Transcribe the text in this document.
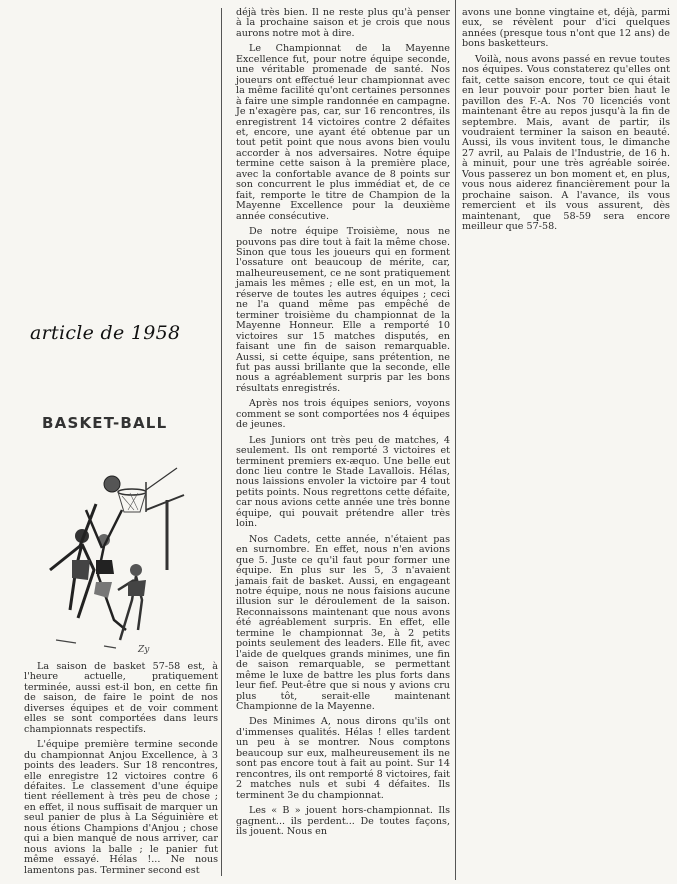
article de 1958
BASKET-BALL
Zy

La saison de basket 57-58 est, à l'heure actuelle, pratiquement terminée, aussi est-il bon, en cette fin de saison, de faire le point de nos diverses équipes et de voir comment elles se sont comportées dans leurs championnats respectifs.

L'équipe première termine seconde du championnat Anjou Excellence, à 3 points des leaders. Sur 18 rencontres, elle enregistre 12 victoires contre 6 défaites. Le classement d'une équipe tient réellement à très peu de chose ; en effet, il nous suffisait de marquer un seul panier de plus à La Séguinière et nous étions Champions d'Anjou ; chose qui a bien manqué de nous arriver, car nous avions la balle ; le panier fut même essayé. Hélas !... Ne nous lamentons pas. Terminer second est

déjà très bien. Il ne reste plus qu'à penser à la prochaine saison et je crois que nous aurons notre mot à dire.

Le Championnat de la Mayenne Excellence fut, pour notre équipe seconde, une véritable promenade de santé. Nos joueurs ont effectué leur championnat avec la même facilité qu'ont certaines personnes à faire une simple randonnée en campagne. Je n'exagère pas, car, sur 16 rencontres, ils enregistrent 14 victoires contre 2 défaites et, encore, une ayant été obtenue par un tout petit point que nous avons bien voulu accorder à nos adversaires. Notre équipe termine cette saison à la première place, avec la confortable avance de 8 points sur son concurrent le plus immédiat et, de ce fait, remporte le titre de Champion de la Mayenne Excellence pour la deuxième année consécutive.

De notre équipe Troisième, nous ne pouvons pas dire tout à fait la même chose. Sinon que tous les joueurs qui en forment l'ossature ont beaucoup de mérite, car, malheureusement, ce ne sont pratiquement jamais les mêmes ; elle est, en un mot, la réserve de toutes les autres équipes ; ceci ne l'a quand même pas empêché de terminer troisième du championnat de la Mayenne Honneur. Elle a remporté 10 victoires sur 15 matches disputés, en faisant une fin de saison remarquable. Aussi, si cette équipe, sans prétention, ne fut pas aussi brillante que la seconde, elle nous a agréablement surpris par les bons résultats enregistrés.

Après nos trois équipes seniors, voyons comment se sont comportées nos 4 équipes de jeunes.

Les Juniors ont très peu de matches, 4 seulement. Ils ont remporté 3 victoires et terminent premiers ex-æquo. Une belle eut donc lieu contre le Stade Lavallois. Hélas, nous laissions envoler la victoire par 4 tout petits points. Nous regrettons cette défaite, car nous avions cette année une très bonne équipe, qui pouvait prétendre aller très loin.

Nos Cadets, cette année, n'étaient pas en surnombre. En effet, nous n'en avions que 5. Juste ce qu'il faut pour former une équipe. En plus sur les 5, 3 n'avaient jamais fait de basket. Aussi, en engageant notre équipe, nous ne nous faisions aucune illusion sur le déroulement de la saison. Reconnaissons maintenant que nous avons été agréablement surpris. En effet, elle termine le championnat 3e, à 2 petits points seulement des leaders. Elle fit, avec l'aide de quelques grands minimes, une fin de saison remarquable, se permettant même le luxe de battre les plus forts dans leur fief. Peut-être que si nous y avions cru plus tôt, serait-elle maintenant Championne de la Mayenne.

Des Minimes A, nous dirons qu'ils ont d'immenses qualités. Hélas ! elles tardent un peu à se montrer. Nous comptons beaucoup sur eux, malheureusement ils ne sont pas encore tout à fait au point. Sur 14 rencontres, ils ont remporté 8 victoires, fait 2 matches nuls et subi 4 défaites. Ils terminent 3e du championnat.

Les « B » jouent hors-championnat. Ils gagnent... ils perdent... De toutes façons, ils jouent. Nous en

avons une bonne vingtaine et, déjà, parmi eux, se révèlent pour d'ici quelques années (presque tous n'ont que 12 ans) de bons basketteurs.

Voilà, nous avons passé en revue toutes nos équipes. Vous constaterez qu'elles ont fait, cette saison encore, tout ce qui était en leur pouvoir pour porter bien haut le pavillon des F.-A. Nos 70 licenciés vont maintenant être au repos jusqu'à la fin de septembre. Mais, avant de partir, ils voudraient terminer la saison en beauté. Aussi, ils vous invitent tous, le dimanche 27 avril, au Palais de l'Industrie, de 16 h. à minuit, pour une très agréable soirée. Vous passerez un bon moment et, en plus, vous nous aiderez financièrement pour la prochaine saison. A l'avance, ils vous remercient et ils vous assurent, dès maintenant, que 58-59 sera encore meilleur que 57-58.
